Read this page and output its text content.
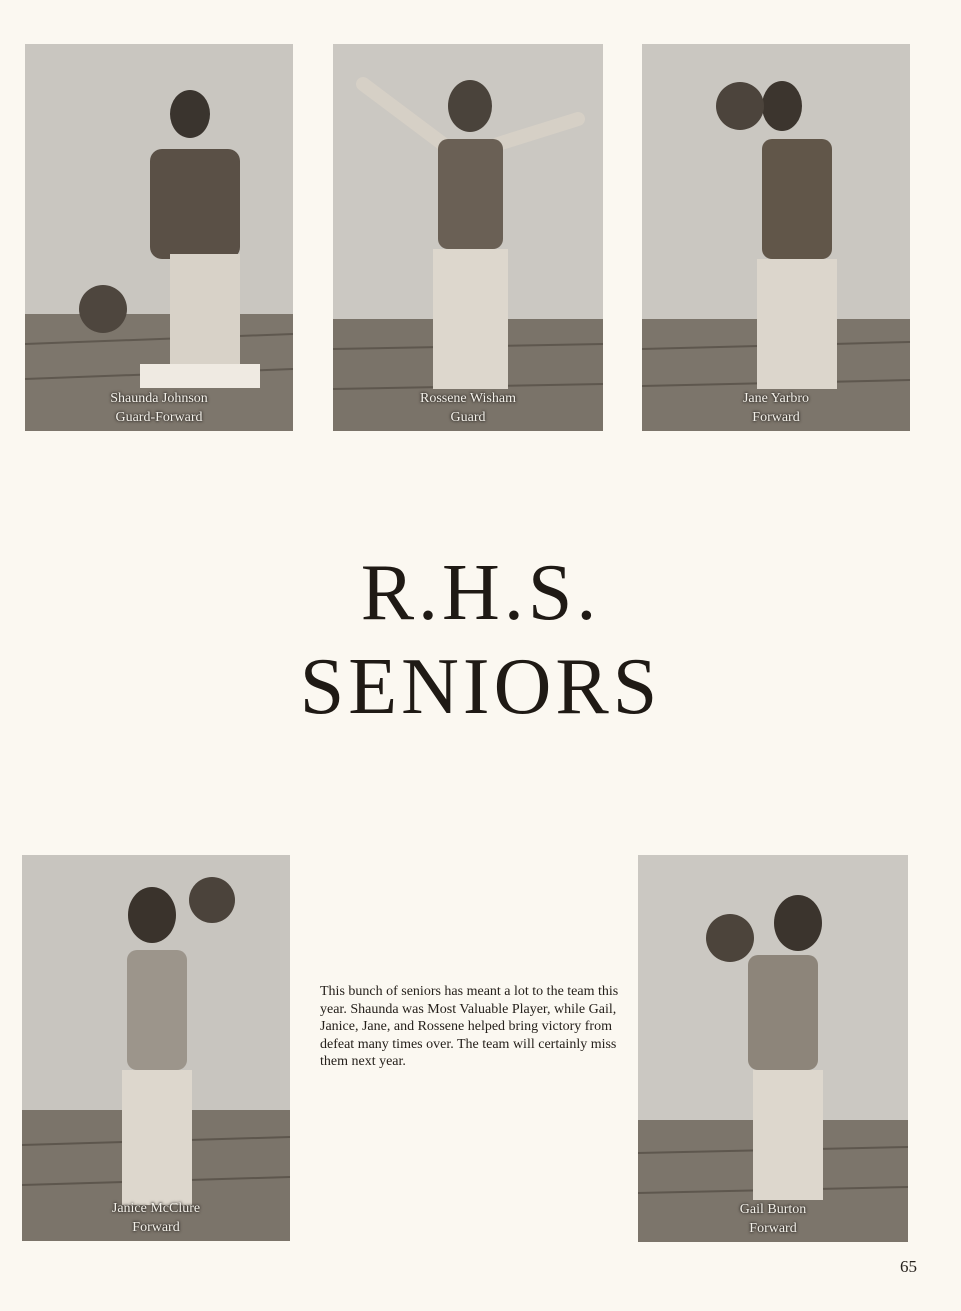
Shaunda Johnson
Guard-Forward
Rossene Wisham
Guard
Jane Yarbro
Forward
R.H.S.
SENIORS
Janice McClure
Forward
This bunch of seniors has meant a lot to the team this year. Shaunda was Most Valuable Player, while Gail, Janice, Jane, and Rossene helped bring victory from defeat many times over. The team will certainly miss them next year.
Gail Burton
Forward
65
